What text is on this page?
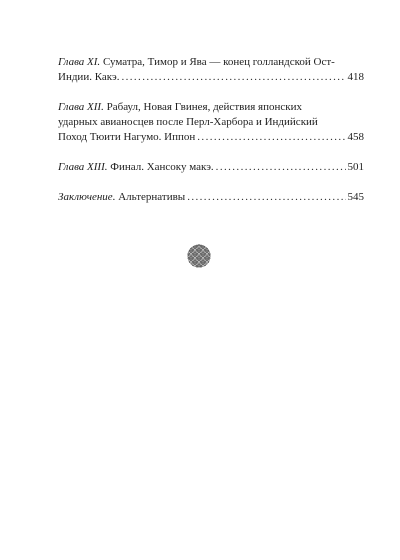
Глава XI.
Суматра, Тимор и Ява — конец голландской Ост-
Индии. Какэ. .....	418
Глава XII.
Рабаул, Новая Гвинея, действия японских
ударных авианосцев после Перл-Харбора и Индийский
Поход Тюити Нагумо. Иппон .....	458
Глава XIII.
Финал. Хансоку макэ. .....	501
Заключение.
Альтернативы .....	545
